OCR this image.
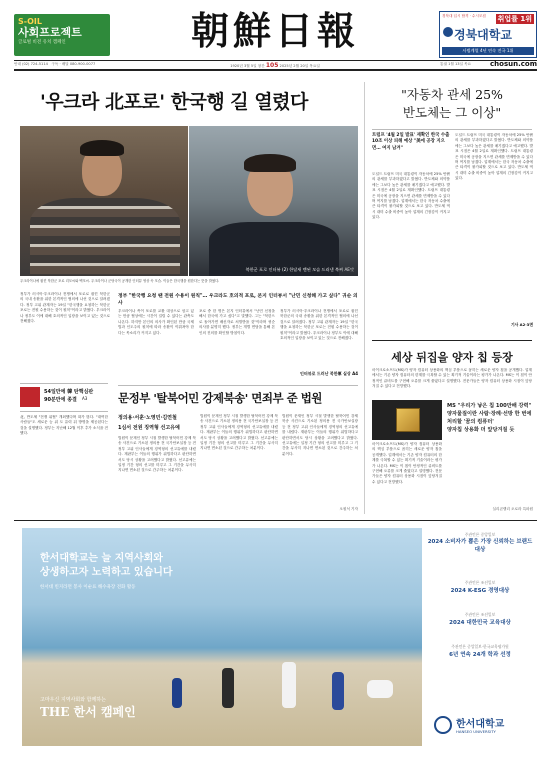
S-OIL
사회프로젝트
글로벌 비전 유치 캠페인	朝鮮日報	경북대 입시 합격 · 수시모집 취업률 1위
경북대학교
사범계열 4년 연속 전국 1위
1920년 3월 5일 창간 105 2025년 2월 20일 목요일
안내 (02) 724-5114 구독 · 배달 080-900-0077	통권 1월 13일 목요	chosun.com
'우크라 北포로' 한국행 길 열렸다
북한군 포로 인터뷰 (2) 한달새 맨된 모습 드러낸 북씨 AE맛
우크라이나에 잡힌 북한군 포로 리모씨와 백모씨. 우크라이나 군당국이 공개한 인터뷰 영상 속 모습. 이들은 한국행을 원한다는 뜻을 밝혔다.
정부가 러시아·우크라이나 전쟁에서 포로로 잡힌 북한군의 국내 송환을 위한 본격적인 협의에 나선 것으로 알려졌다. 정부 고위 관계자는 19일 "한국행을 요청하는 북한군 포로는 전원 수용하는 것이 원칙"이라고 밝혔다. 우크라이나 정부도 이에 대해 호의적인 입장을 보이고 있는 것으로 전해졌다.
정부 "한국행 요청 땐 전원 수용이 원칙"… 우크라도 호의적 포로, 본지 인터뷰서 "난민 신청해 가고 싶다" 귀순 의사
우크라이나 측이 포로를 교환 대상으로 삼고 있는 만큼 협상에는 시간이 걸릴 수 있다는 관측도 나온다. 하지만 본인의 의사가 확인된 만큼 국제법과 인도주의 원칙에 따라 송환이 이뤄져야 한다는 목소리가 커지고 있다.
포로 중 한 명은 본지 인터뷰에서 "난민 신청을 해서 한국에 가고 싶다"고 말했다. 그는 "북한으로 돌아가면 배신자로 처벌받을 것"이라며 귀순 의사를 분명히 했다. 정부는 개별 면담을 통해 본인의 진의를 확인할 방침이다.
정부가 러시아·우크라이나 전쟁에서 포로로 잡힌 북한군의 국내 송환을 위한 본격적인 협의에 나선 것으로 알려졌다. 정부 고위 관계자는 19일 "한국행을 요청하는 북한군 포로는 전원 수용하는 것이 원칙"이라고 밝혔다. 우크라이나 정부도 이에 대해 호의적인 입장을 보이고 있는 것으로 전해졌다.
인터뷰로 드러난 북한軍 실상 A4
54일만에 韓 탄핵심판
90분만에 종결 A3
北, 반도체 "전쟁 위협" 개최했다며 화가 많다. "대여한 사람들"도 새로운 능 위 도 유력 뒤 방명을 제공된다는 것을 설명했다. 정부는 지난해 12월 이후 추가 소식을 전했다.
문정부 '탈북어민 강제북송' 면죄부 준 법원
정의용·서훈·노영민·김연철
1심서 전원 징역형 선고유예
법원이 문재인 정부 시절 발생한 탈북어민 강제 북송 사건으로 기소된 정의용 전 국가안보실장 등 전 정부 고위 인사들에게 징역형의 선고유예를 내렸다. 재판부는 이들의 행위가 위법하다고 판단하면서도 당시 상황을 고려했다고 밝혔다. 선고유예는 일정 기간 형의 선고를 미루고 그 기간을 무사히 지나면 면소된 것으로 간주하는 처분이다.
법원이 문재인 정부 시절 발생한 탈북어민 강제 북송 사건으로 기소된 정의용 전 국가안보실장 등 전 정부 고위 인사들에게 징역형의 선고유예를 내렸다. 재판부는 이들의 행위가 위법하다고 판단하면서도 당시 상황을 고려했다고 밝혔다. 선고유예는 일정 기간 형의 선고를 미루고 그 기간을 무사히 지나면 면소된 것으로 간주하는 처분이다.
법원이 문재인 정부 시절 발생한 탈북어민 강제 북송 사건으로 기소된 정의용 전 국가안보실장 등 전 정부 고위 인사들에게 징역형의 선고유예를 내렸다. 재판부는 이들의 행위가 위법하다고 판단하면서도 당시 상황을 고려했다고 밝혔다. 선고유예는 일정 기간 형의 선고를 미루고 그 기간을 무사히 지나면 면소된 것으로 간주하는 처분이다.
오원석 기자
"자동차 관세 25%
반도체는 그 이상"
트럼프 '4월 2일 발표' 재확인 한국 수출 10조 이상 피해 예상 "美에 공장 지으면… 여지 남겨"
도널드 트럼프 미국 대통령이 자동차에 25% 안팎의 관세를 부과하겠다고 밝혔다. 반도체와 의약품에는 그보다 높은 관세를 매기겠다고 예고했다. 발표 시점은 4월 2일로 재확인했다. 트럼프 대통령은 미국에 공장을 지으면 관세를 면제받을 수 있다며 여지를 남겼다. 업계에서는 한국 자동차 수출에 큰 타격이 불가피할 것으로 보고 있다. 반도체 역시 대미 수출 비중이 높아 업계의 긴장감이 커지고 있다.
도널드 트럼프 미국 대통령이 자동차에 25% 안팎의 관세를 부과하겠다고 밝혔다. 반도체와 의약품에는 그보다 높은 관세를 매기겠다고 예고했다. 발표 시점은 4월 2일로 재확인했다. 트럼프 대통령은 미국에 공장을 지으면 관세를 면제받을 수 있다며 여지를 남겼다. 업계에서는 한국 자동차 수출에 큰 타격이 불가피할 것으로 보고 있다. 반도체 역시 대미 수출 비중이 높아 업계의 긴장감이 커지고 있다.
기사 A2·3면
세상 뒤집을 양자 칩 등장
마이크로소프트(MS)가 양자 컴퓨터 상용화의 핵심 부품으로 꼽히는 새로운 양자 칩을 공개했다. 업계에서는 기존 양자 컴퓨터의 한계를 극복할 수 있는 획기적 기술이라는 평가가 나온다. MS는 이 칩이 안정적인 큐비트를 구현해 오류를 크게 줄였다고 설명했다. 전문가들은 양자 컴퓨터 상용화 시점이 앞당겨질 수 있다고 전망했다.
마이크로소프트(MS)가 양자 컴퓨터 상용화의 핵심 부품으로 꼽히는 새로운 양자 칩을 공개했다. 업계에서는 기존 양자 컴퓨터의 한계를 극복할 수 있는 획기적 기술이라는 평가가 나온다. MS는 이 칩이 안정적인 큐비트를 구현해 오류를 크게 줄였다고 설명했다. 전문가들은 양자 컴퓨터 상용화 시점이 앞당겨질 수 있다고 전망했다.
MS "우리가 낳은 칩 100만배 강력"
양자물질이란 사람·장례·선방 한 번에 처리할 '꿈의 컴퓨터'
양자칩 상용화 더 앞당겨질 듯
실리콘밸리 오로라 특파원
한서대학교는 늘 지역사회와
상생하고자 노력하고 있습니다
한서대 빈지라면 봉사 이순표 해수욕장 전화 활동
고마우신 지역사회와 함께하는
THE 한서 캠페인
주관언론 중앙일보
2024 소비자가 뽑은 가장 신뢰하는 브랜드 대상
주관언론 조선일보
2024 K-ESG 경영대상
주관언론 조선일보
2024 대한민국 교육대상
주관언론 중앙일보·한국교육평가원
6년 연속 24개 학과 선정
한서대학교
HANSEO UNIVERSITY
